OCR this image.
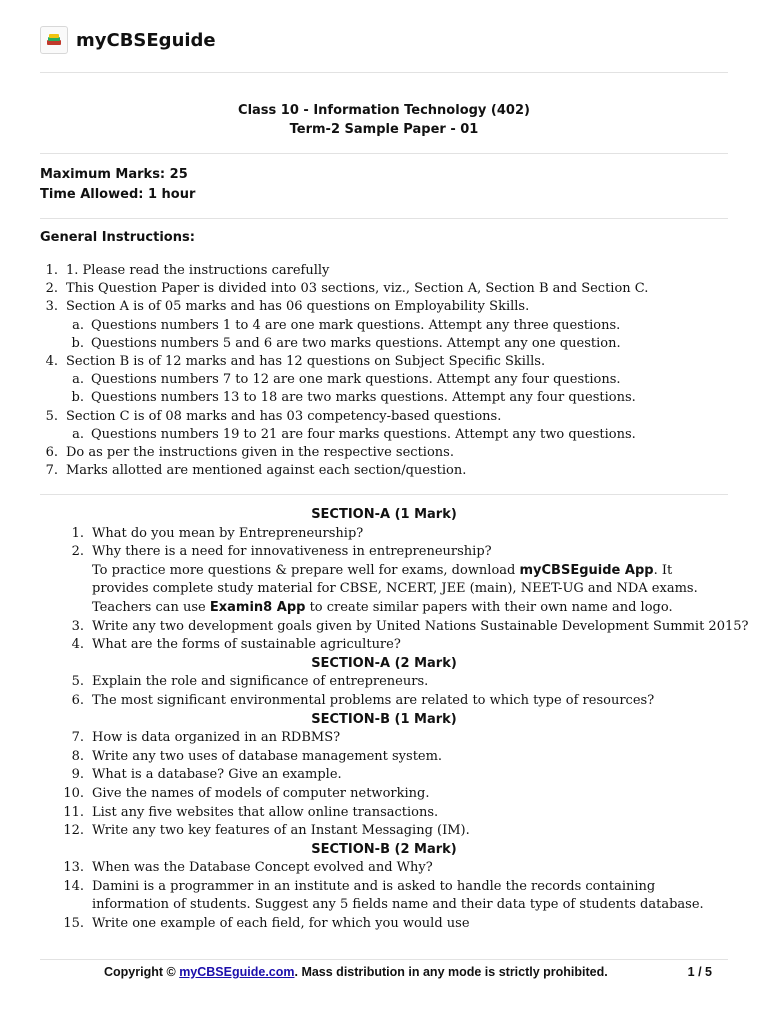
myCBSEguide
Class 10 - Information Technology (402)
Term-2 Sample Paper - 01
Maximum Marks: 25
Time Allowed: 1 hour
General Instructions:
1. 1. Please read the instructions carefully
2. This Question Paper is divided into 03 sections, viz., Section A, Section B and Section C.
3. Section A is of 05 marks and has 06 questions on Employability Skills.
a. Questions numbers 1 to 4 are one mark questions. Attempt any three questions.
b. Questions numbers 5 and 6 are two marks questions. Attempt any one question.
4. Section B is of 12 marks and has 12 questions on Subject Specific Skills.
a. Questions numbers 7 to 12 are one mark questions. Attempt any four questions.
b. Questions numbers 13 to 18 are two marks questions. Attempt any four questions.
5. Section C is of 08 marks and has 03 competency-based questions.
a. Questions numbers 19 to 21 are four marks questions. Attempt any two questions.
6. Do as per the instructions given in the respective sections.
7. Marks allotted are mentioned against each section/question.
SECTION-A (1 Mark)
1. What do you mean by Entrepreneurship?
2. Why there is a need for innovativeness in entrepreneurship?
To practice more questions & prepare well for exams, download myCBSEguide App. It provides complete study material for CBSE, NCERT, JEE (main), NEET-UG and NDA exams. Teachers can use Examin8 App to create similar papers with their own name and logo.
3. Write any two development goals given by United Nations Sustainable Development Summit 2015?
4. What are the forms of sustainable agriculture?
SECTION-A (2 Mark)
5. Explain the role and significance of entrepreneurs.
6. The most significant environmental problems are related to which type of resources?
SECTION-B (1 Mark)
7. How is data organized in an RDBMS?
8. Write any two uses of database management system.
9. What is a database? Give an example.
10. Give the names of models of computer networking.
11. List any five websites that allow online transactions.
12. Write any two key features of an Instant Messaging (IM).
SECTION-B (2 Mark)
13. When was the Database Concept evolved and Why?
14. Damini is a programmer in an institute and is asked to handle the records containing information of students. Suggest any 5 fields name and their data type of students database.
15. Write one example of each field, for which you would use
Copyright © myCBSEguide.com. Mass distribution in any mode is strictly prohibited.	1 / 5
